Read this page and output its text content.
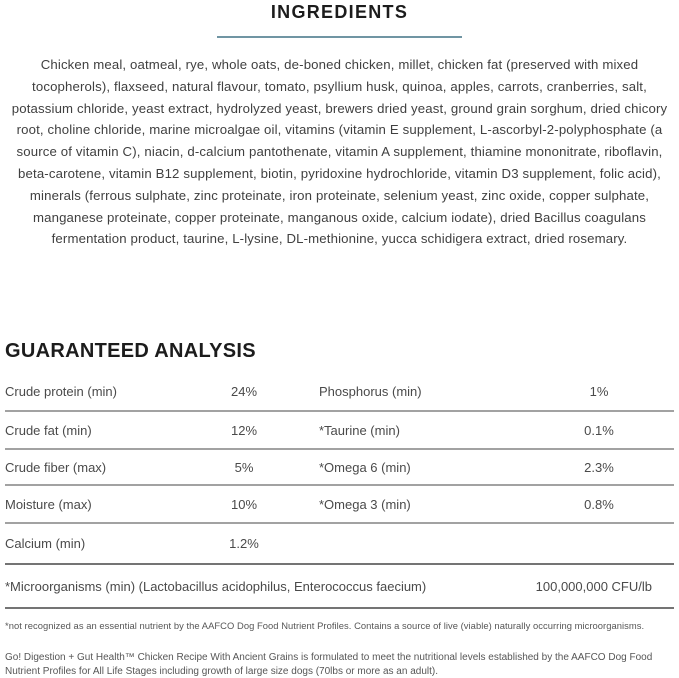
INGREDIENTS
Chicken meal, oatmeal, rye, whole oats, de-boned chicken, millet, chicken fat (preserved with mixed tocopherols), flaxseed, natural flavour, tomato, psyllium husk, quinoa, apples, carrots, cranberries, salt, potassium chloride, yeast extract, hydrolyzed yeast, brewers dried yeast, ground grain sorghum, dried chicory root, choline chloride, marine microalgae oil, vitamins (vitamin E supplement, L-ascorbyl-2-polyphosphate (a source of vitamin C), niacin, d-calcium pantothenate, vitamin A supplement, thiamine mononitrate, riboflavin, beta-carotene, vitamin B12 supplement, biotin, pyridoxine hydrochloride, vitamin D3 supplement, folic acid), minerals (ferrous sulphate, zinc proteinate, iron proteinate, selenium yeast, zinc oxide, copper sulphate, manganese proteinate, copper proteinate, manganous oxide, calcium iodate), dried Bacillus coagulans fermentation product, taurine, L-lysine, DL-methionine, yucca schidigera extract, dried rosemary.
GUARANTEED ANALYSIS
Crude protein (min)	24%	Phosphorus (min)	1%
Crude fat (min)	12%	*Taurine (min)	0.1%
Crude fiber (max)	5%	*Omega 6 (min)	2.3%
Moisture (max)	10%	*Omega 3 (min)	0.8%
Calcium (min)	1.2%
*Microorganisms (min) (Lactobacillus acidophilus, Enterococcus faecium)	100,000,000 CFU/lb
*not recognized as an essential nutrient by the AAFCO Dog Food Nutrient Profiles. Contains a source of live (viable) naturally occurring microorganisms.
Go! Digestion + Gut Health™ Chicken Recipe With Ancient Grains is formulated to meet the nutritional levels established by the AAFCO Dog Food Nutrient Profiles for All Life Stages including growth of large size dogs (70lbs or more as an adult).
